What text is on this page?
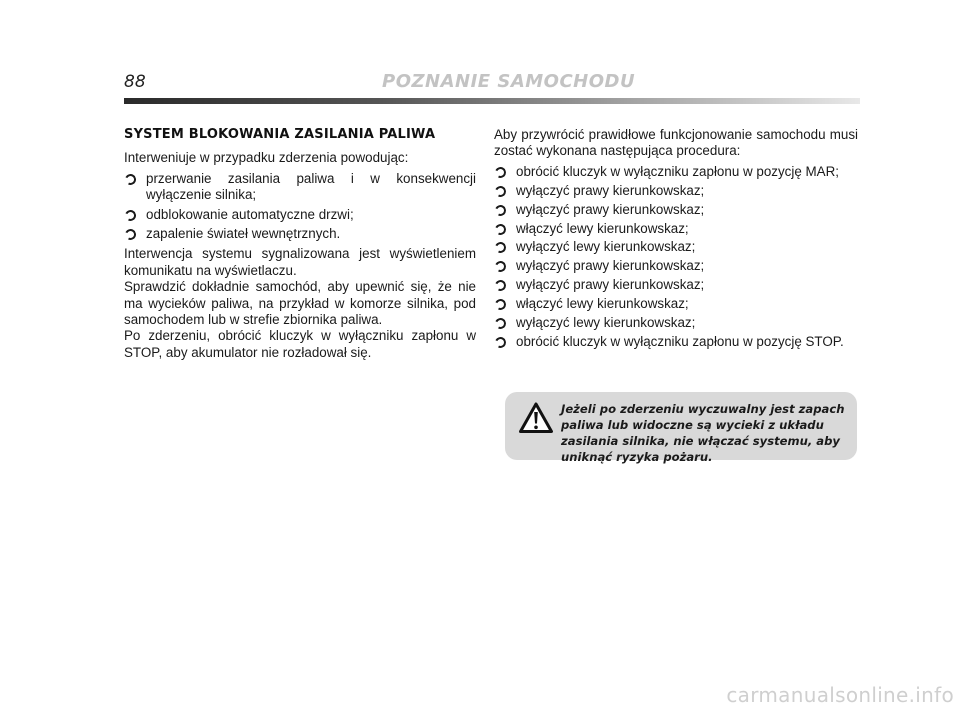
88	POZNANIE SAMOCHODU
SYSTEM BLOKOWANIA ZASILANIA PALIWA

Interweniuje w przypadku zderzenia powodując:

przerwanie zasilania paliwa i w konsekwencji wyłączenie silnika;
odblokowanie automatyczne drzwi;
zapalenie świateł wewnętrznych.

Interwencja systemu sygnalizowana jest wyświetleniem komunikatu na wyświetlaczu.

Sprawdzić dokładnie samochód, aby upewnić się, że nie ma wycieków paliwa, na przykład w komorze silnika, pod samochodem lub w strefie zbiornika paliwa.

Po zderzeniu, obrócić kluczyk w wyłączniku zapłonu w STOP, aby akumulator nie rozładował się.

Aby przywrócić prawidłowe funkcjonowanie samochodu musi zostać wykonana następująca procedura:

obrócić kluczyk w wyłączniku zapłonu w pozycję MAR;
wyłączyć prawy kierunkowskaz;
wyłączyć prawy kierunkowskaz;
włączyć lewy kierunkowskaz;
wyłączyć lewy kierunkowskaz;
wyłączyć prawy kierunkowskaz;
wyłączyć prawy kierunkowskaz;
włączyć lewy kierunkowskaz;
wyłączyć lewy kierunkowskaz;
obrócić kluczyk w wyłączniku zapłonu w pozycję STOP.
Jeżeli po zderzeniu wyczuwalny jest zapach paliwa lub widoczne są wycieki z układu zasilania silnika, nie włączać systemu, aby uniknąć ryzyka pożaru.
carmanualsonline.info
